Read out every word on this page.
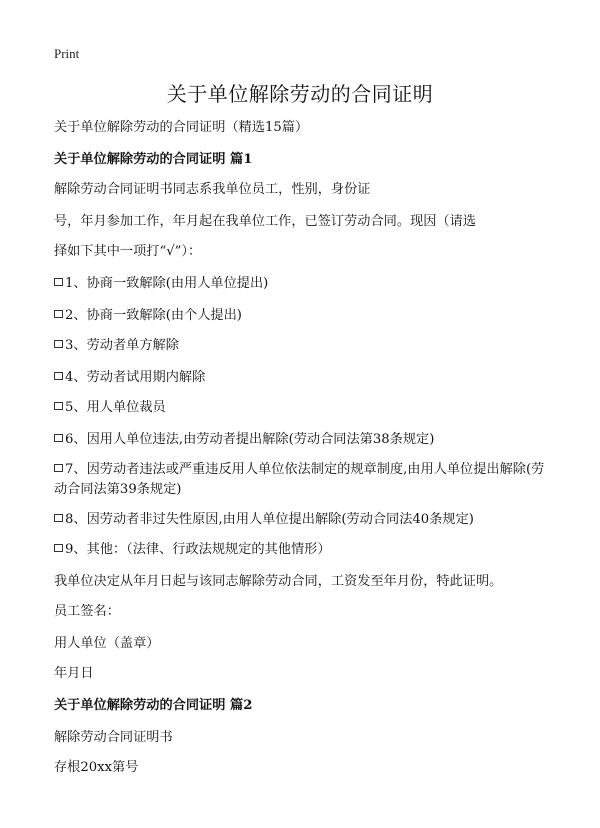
Print
关于单位解除劳动的合同证明
关于单位解除劳动的合同证明（精选15篇）
关于单位解除劳动的合同证明 篇1
解除劳动合同证明书同志系我单位员工，性别，身份证
号，年月参加工作，年月起在我单位工作，已签订劳动合同。现因（请选
择如下其中一项打“√”）：
1、协商一致解除(由用人单位提出)
2、协商一致解除(由个人提出)
3、劳动者单方解除
4、劳动者试用期内解除
5、用人单位裁员
6、因用人单位违法,由劳动者提出解除(劳动合同法第38条规定)
7、因劳动者违法或严重违反用人单位依法制定的规章制度,由用人单位提出解除(劳动合同法第39条规定)
8、因劳动者非过失性原因,由用人单位提出解除(劳动合同法40条规定)
9、其他：（法律、行政法规规定的其他情形）
我单位决定从年月日起与该同志解除劳动合同，工资发至年月份，特此证明。
员工签名：
用人单位（盖章）
年月日
关于单位解除劳动的合同证明 篇2
解除劳动合同证明书
存根20xx第号
